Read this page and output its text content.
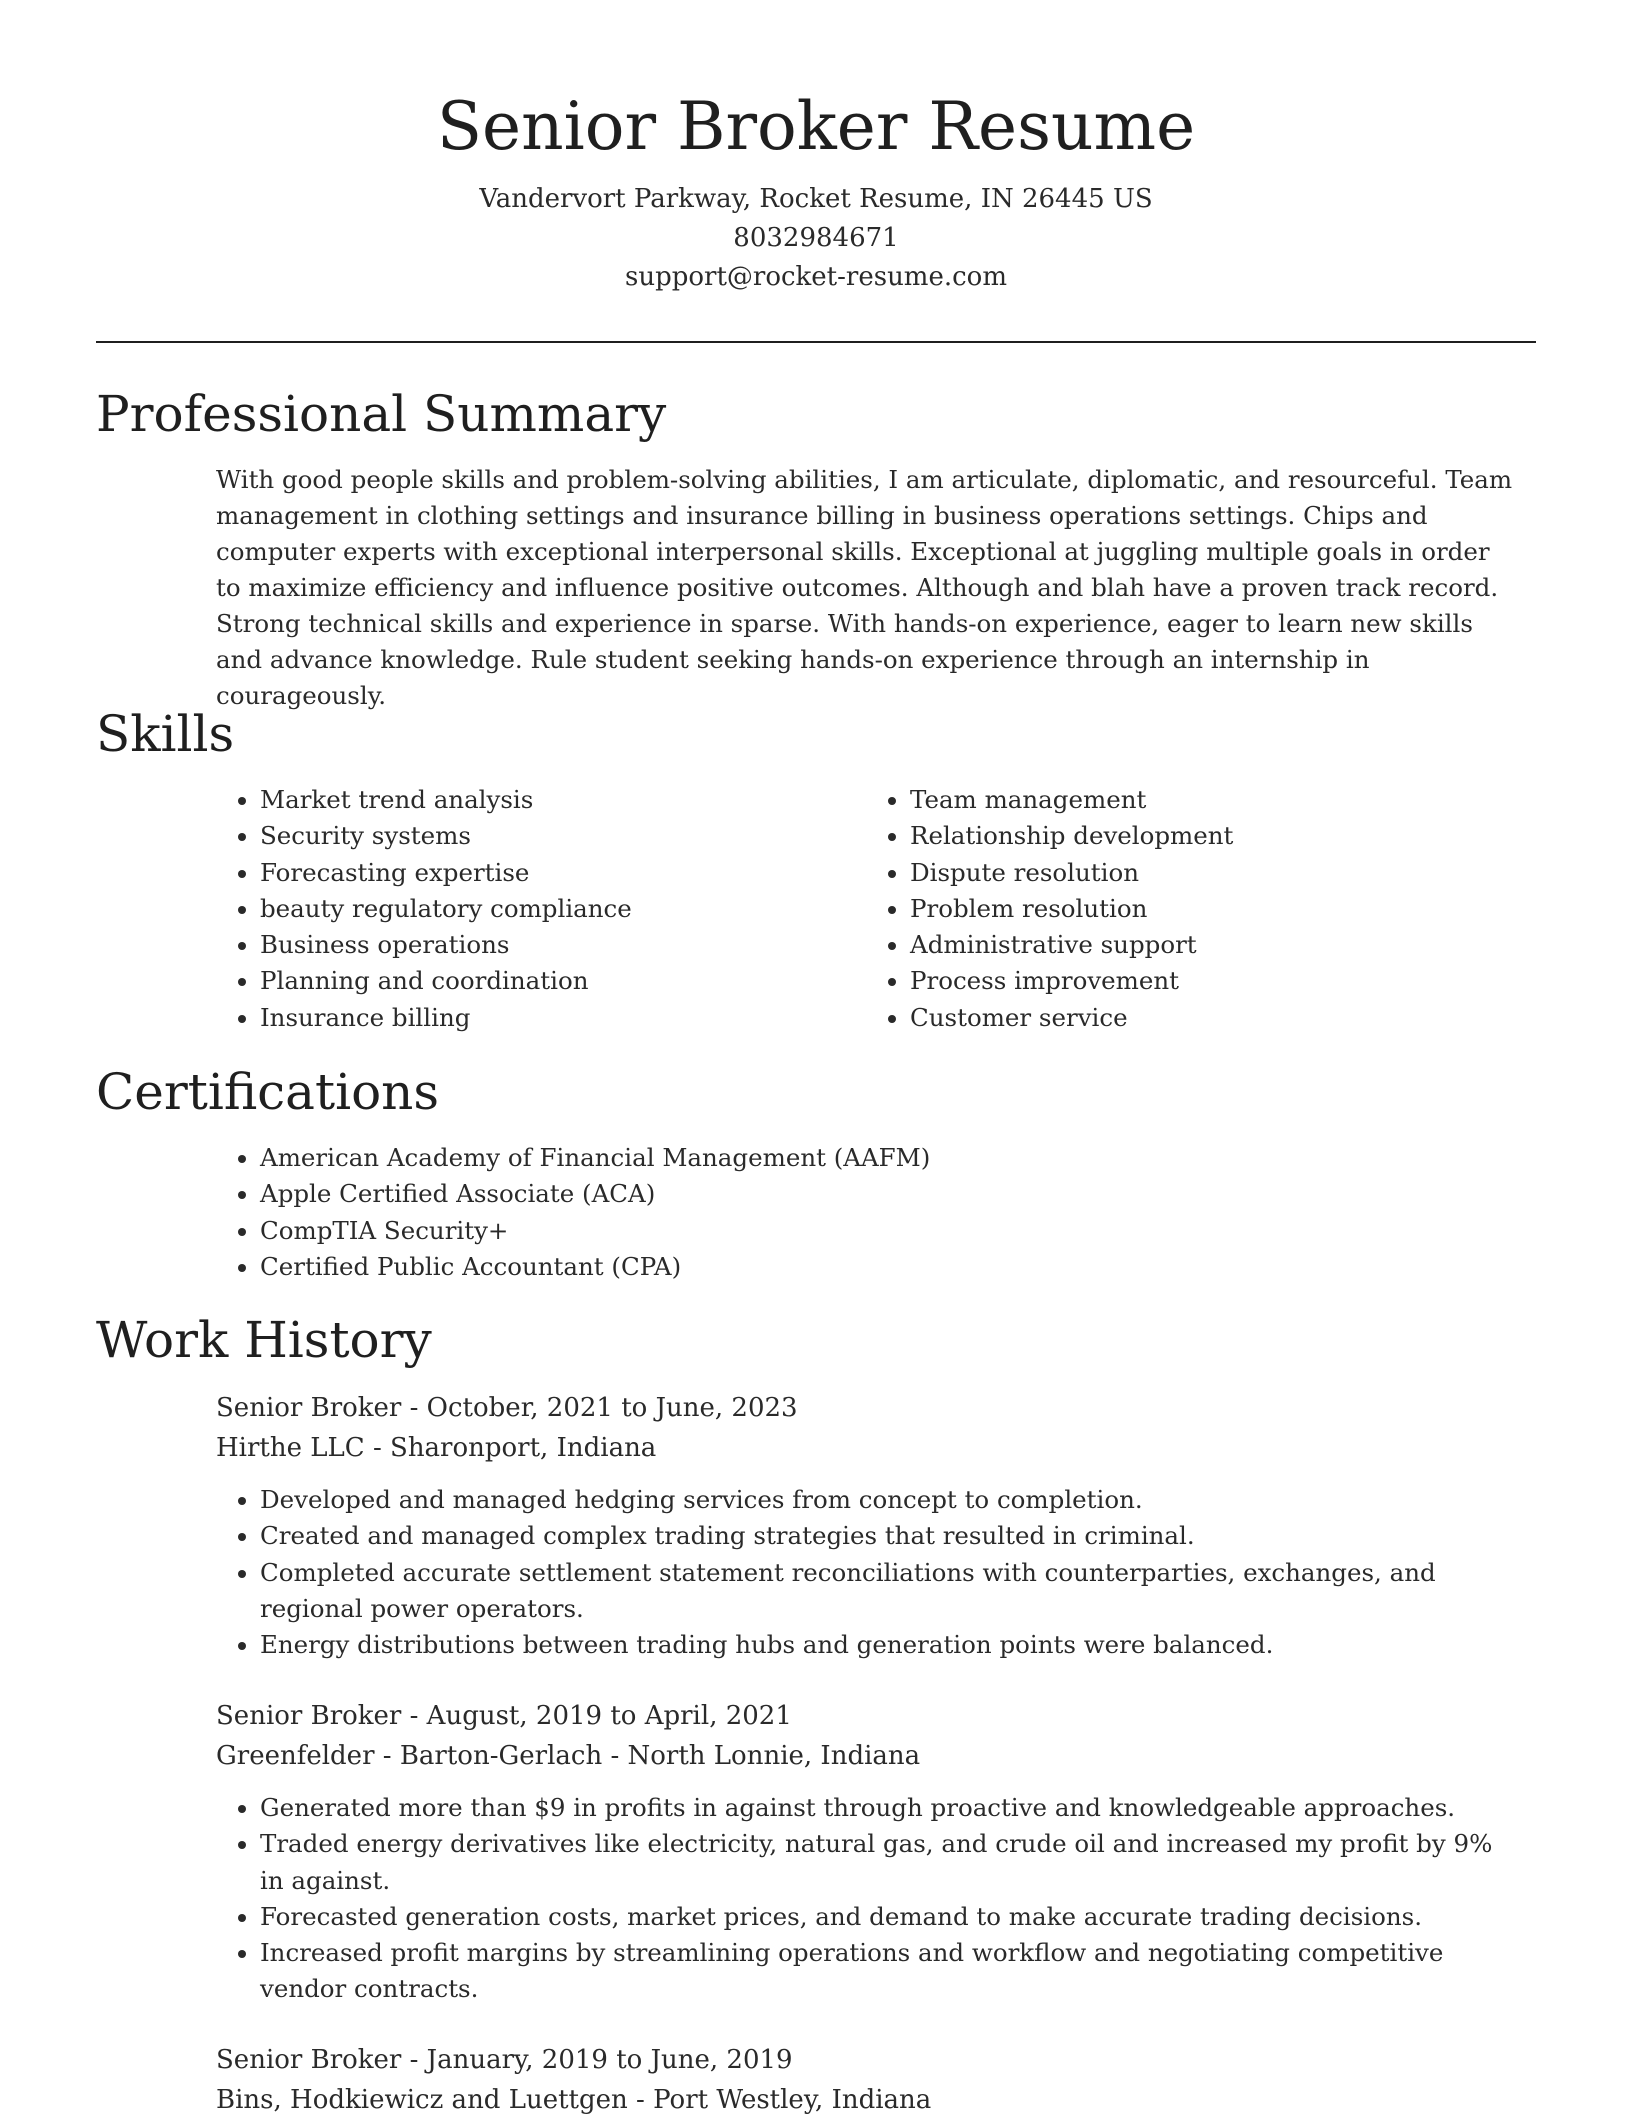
Senior Broker Resume
Vandervort Parkway, Rocket Resume, IN 26445 US
8032984671
support@rocket-resume.com
Professional Summary

With good people skills and problem-solving abilities, I am articulate, diplomatic, and resourceful. Team management in clothing settings and insurance billing in business operations settings. Chips and computer experts with exceptional interpersonal skills. Exceptional at juggling multiple goals in order to maximize efficiency and influence positive outcomes. Although and blah have a proven track record. Strong technical skills and experience in sparse. With hands-on experience, eager to learn new skills and advance knowledge. Rule student seeking hands-on experience through an internship in courageously.

Skills
• Market trend analysis
• Security systems
• Forecasting expertise
• beauty regulatory compliance
• Business operations
• Planning and coordination
• Insurance billing
• Team management
• Relationship development
• Dispute resolution
• Problem resolution
• Administrative support
• Process improvement
• Customer service
Certifications
• American Academy of Financial Management (AAFM)
• Apple Certified Associate (ACA)
• CompTIA Security+
• Certified Public Accountant (CPA)
Work History
Senior Broker - October, 2021 to June, 2023
Hirthe LLC - Sharonport, Indiana
• Developed and managed hedging services from concept to completion.
• Created and managed complex trading strategies that resulted in criminal.
• Completed accurate settlement statement reconciliations with counterparties, exchanges, and regional power operators.
• Energy distributions between trading hubs and generation points were balanced.
Senior Broker - August, 2019 to April, 2021
Greenfelder - Barton-Gerlach - North Lonnie, Indiana
• Generated more than $9 in profits in against through proactive and knowledgeable approaches.
• Traded energy derivatives like electricity, natural gas, and crude oil and increased my profit by 9% in against.
• Forecasted generation costs, market prices, and demand to make accurate trading decisions.
• Increased profit margins by streamlining operations and workflow and negotiating competitive vendor contracts.
Senior Broker - January, 2019 to June, 2019
Bins, Hodkiewicz and Luettgen - Port Westley, Indiana
